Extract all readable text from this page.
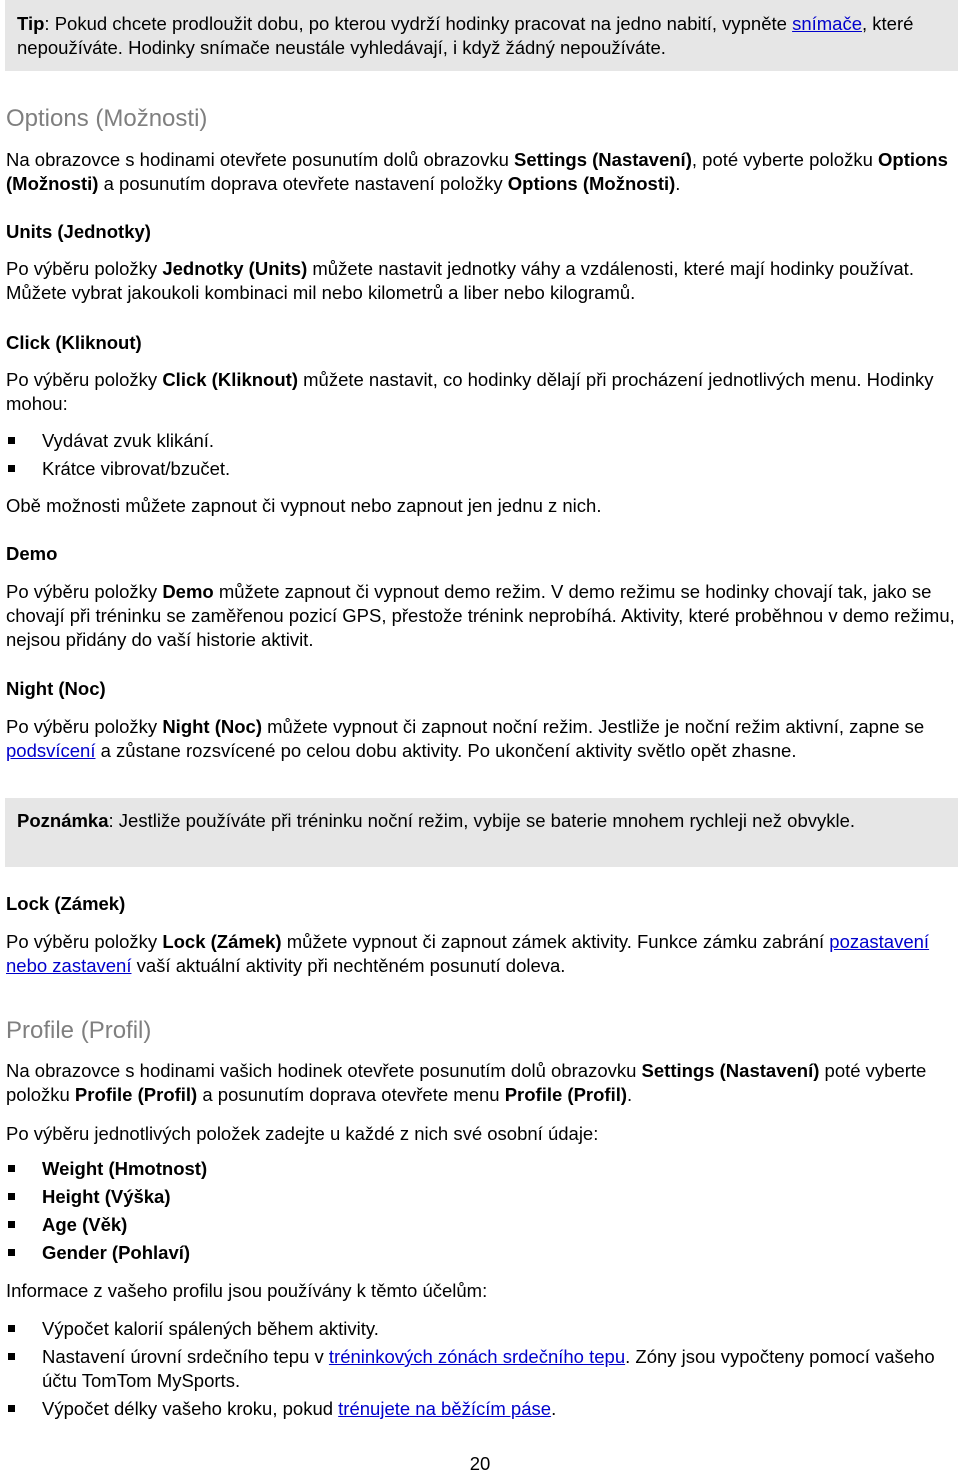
Tip: Pokud chcete prodloužit dobu, po kterou vydrží hodinky pracovat na jedno nabití, vypněte snímače, které nepoužíváte. Hodinky snímače neustále vyhledávají, i když žádný nepoužíváte.
Options (Možnosti)
Na obrazovce s hodinami otevřete posunutím dolů obrazovku Settings (Nastavení), poté vyberte položku Options (Možnosti) a posunutím doprava otevřete nastavení položky Options (Možnosti).
Units (Jednotky)
Po výběru položky Jednotky (Units) můžete nastavit jednotky váhy a vzdálenosti, které mají hodinky používat. Můžete vybrat jakoukoli kombinaci mil nebo kilometrů a liber nebo kilogramů.
Click (Kliknout)
Po výběru položky Click (Kliknout) můžete nastavit, co hodinky dělají při procházení jednotlivých menu. Hodinky mohou:
Vydávat zvuk klikání.
Krátce vibrovat/bzučet.
Obě možnosti můžete zapnout či vypnout nebo zapnout jen jednu z nich.
Demo
Po výběru položky Demo můžete zapnout či vypnout demo režim. V demo režimu se hodinky chovají tak, jako se chovají při tréninku se zaměřenou pozicí GPS, přestože trénink neprobíhá. Aktivity, které proběhnou v demo režimu, nejsou přidány do vaší historie aktivit.
Night (Noc)
Po výběru položky Night (Noc) můžete vypnout či zapnout noční režim. Jestliže je noční režim aktivní, zapne se podsvícení a zůstane rozsvícené po celou dobu aktivity. Po ukončení aktivity světlo opět zhasne.
Poznámka: Jestliže používáte při tréninku noční režim, vybije se baterie mnohem rychleji než obvykle.
Lock (Zámek)
Po výběru položky Lock (Zámek) můžete vypnout či zapnout zámek aktivity. Funkce zámku zabrání pozastavení nebo zastavení vaší aktuální aktivity při nechtěném posunutí doleva.
Profile (Profil)
Na obrazovce s hodinami vašich hodinek otevřete posunutím dolů obrazovku Settings (Nastavení) poté vyberte položku Profile (Profil) a posunutím doprava otevřete menu Profile (Profil).
Po výběru jednotlivých položek zadejte u každé z nich své osobní údaje:
Weight (Hmotnost)
Height (Výška)
Age (Věk)
Gender (Pohlaví)
Informace z vašeho profilu jsou používány k těmto účelům:
Výpočet kalorií spálených během aktivity.
Nastavení úrovní srdečního tepu v tréninkových zónách srdečního tepu. Zóny jsou vypočteny pomocí vašeho účtu TomTom MySports.
Výpočet délky vašeho kroku, pokud trénujete na běžícím páse.
20
